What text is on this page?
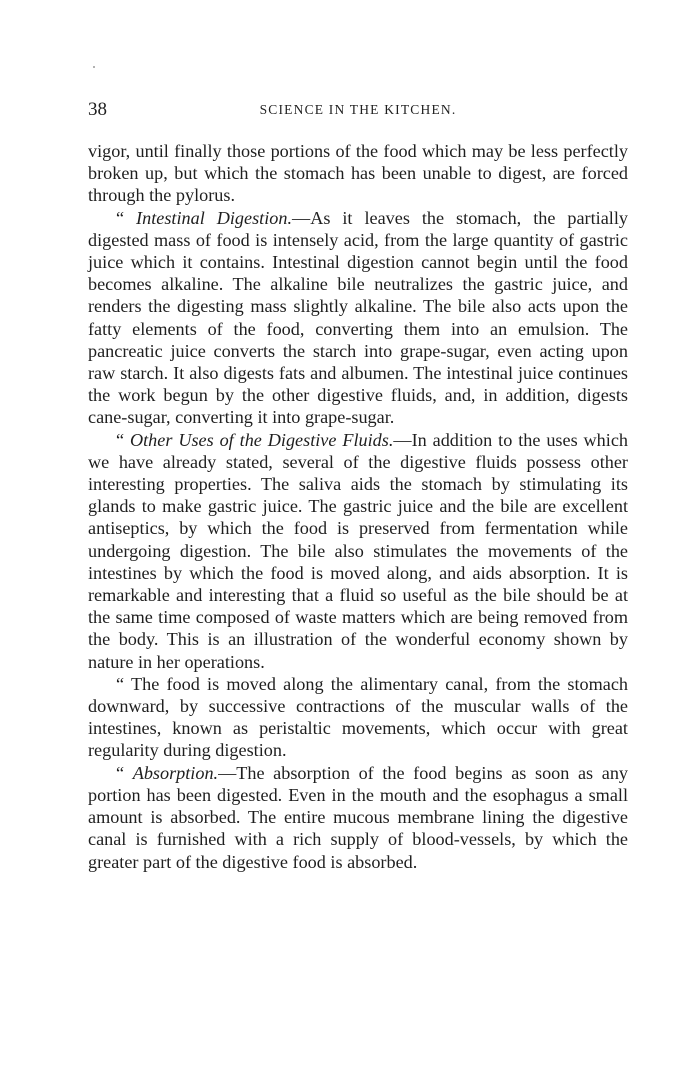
38	SCIENCE IN THE KITCHEN.

vigor, until finally those portions of the food which may be less perfectly broken up, but which the stomach has been unable to digest, are forced through the pylorus.

“ Intestinal Digestion.—As it leaves the stomach, the partially digested mass of food is intensely acid, from the large quantity of gastric juice which it contains. Intestinal digestion cannot begin until the food becomes alkaline. The alkaline bile neutralizes the gastric juice, and renders the digesting mass slightly alkaline. The bile also acts upon the fatty elements of the food, converting them into an emulsion. The pancreatic juice converts the starch into grape-sugar, even acting upon raw starch. It also digests fats and albumen. The intestinal juice continues the work begun by the other digestive fluids, and, in addition, digests cane-sugar, converting it into grape-sugar.

“ Other Uses of the Digestive Fluids.—In addition to the uses which we have already stated, several of the digestive fluids possess other interesting properties. The saliva aids the stomach by stimulating its glands to make gastric juice. The gastric juice and the bile are excellent antiseptics, by which the food is preserved from fermentation while undergoing digestion. The bile also stimulates the movements of the intestines by which the food is moved along, and aids absorption. It is remarkable and interesting that a fluid so useful as the bile should be at the same time composed of waste matters which are being removed from the body. This is an illustration of the wonderful economy shown by nature in her operations.

“ The food is moved along the alimentary canal, from the stomach downward, by successive contractions of the muscular walls of the intestines, known as peristaltic movements, which occur with great regularity during digestion.

“ Absorption.—The absorption of the food begins as soon as any portion has been digested. Even in the mouth and the esophagus a small amount is absorbed. The entire mucous membrane lining the digestive canal is furnished with a rich supply of blood-vessels, by which the greater part of the digestive food is absorbed.
